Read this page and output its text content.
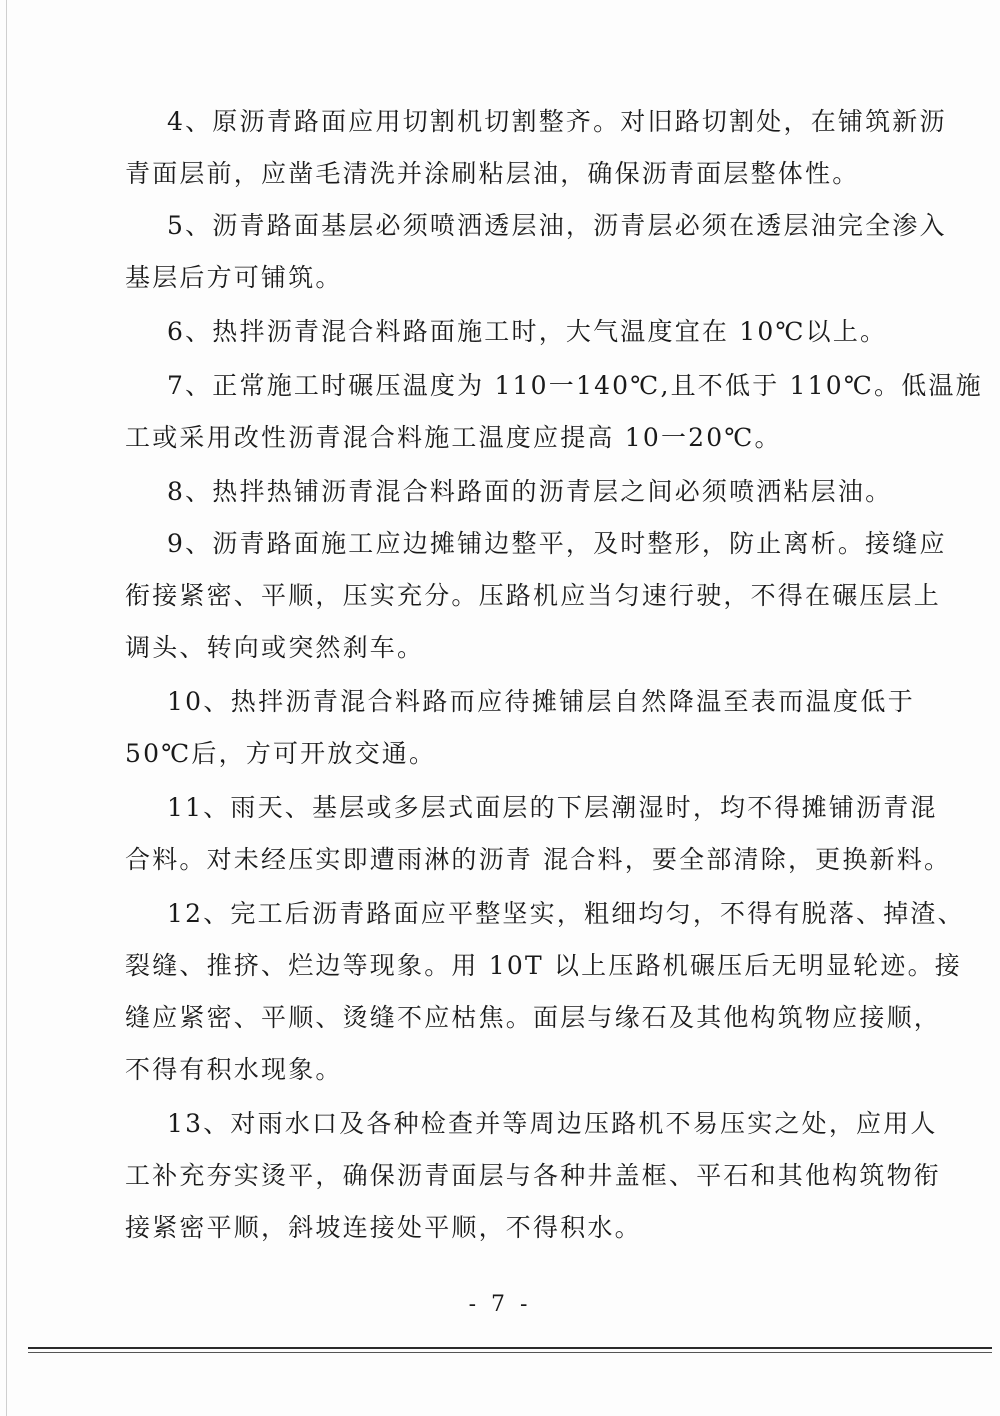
4、原沥青路面应用切割机切割整齐。对旧路切割处，在铺筑新沥
青面层前，应凿毛清洗并涂刷粘层油，确保沥青面层整体性。
5、沥青路面基层必须喷洒透层油，沥青层必须在透层油完全渗入
基层后方可铺筑。
6、热拌沥青混合料路面施工时，大气温度宜在 10℃以上。
7、正常施工时碾压温度为 110一140℃,且不低于 110℃。低温施
工或采用改性沥青混合料施工温度应提高 10一20℃。
8、热拌热铺沥青混合料路面的沥青层之间必须喷洒粘层油。
9、沥青路面施工应边摊铺边整平，及时整形，防止离析。接缝应
衔接紧密、平顺，压实充分。压路机应当匀速行驶，不得在碾压层上
调头、转向或突然刹车。
10、热拌沥青混合料路而应待摊铺层自然降温至表而温度低于
50℃后，方可开放交通。
11、雨天、基层或多层式面层的下层潮湿时，均不得摊铺沥青混
合料。对未经压实即遭雨淋的沥青 混合料，要全部清除，更换新料。
12、完工后沥青路面应平整坚实，粗细均匀，不得有脱落、掉渣、
裂缝、推挤、烂边等现象。用 10T 以上压路机碾压后无明显轮迹。接
缝应紧密、平顺、烫缝不应枯焦。面层与缘石及其他构筑物应接顺，
不得有积水现象。
13、对雨水口及各种检查并等周边压路机不易压实之处，应用人
工补充夯实烫平，确保沥青面层与各种井盖框、平石和其他构筑物衔
接紧密平顺，斜坡连接处平顺，不得积水。
- 7 -
